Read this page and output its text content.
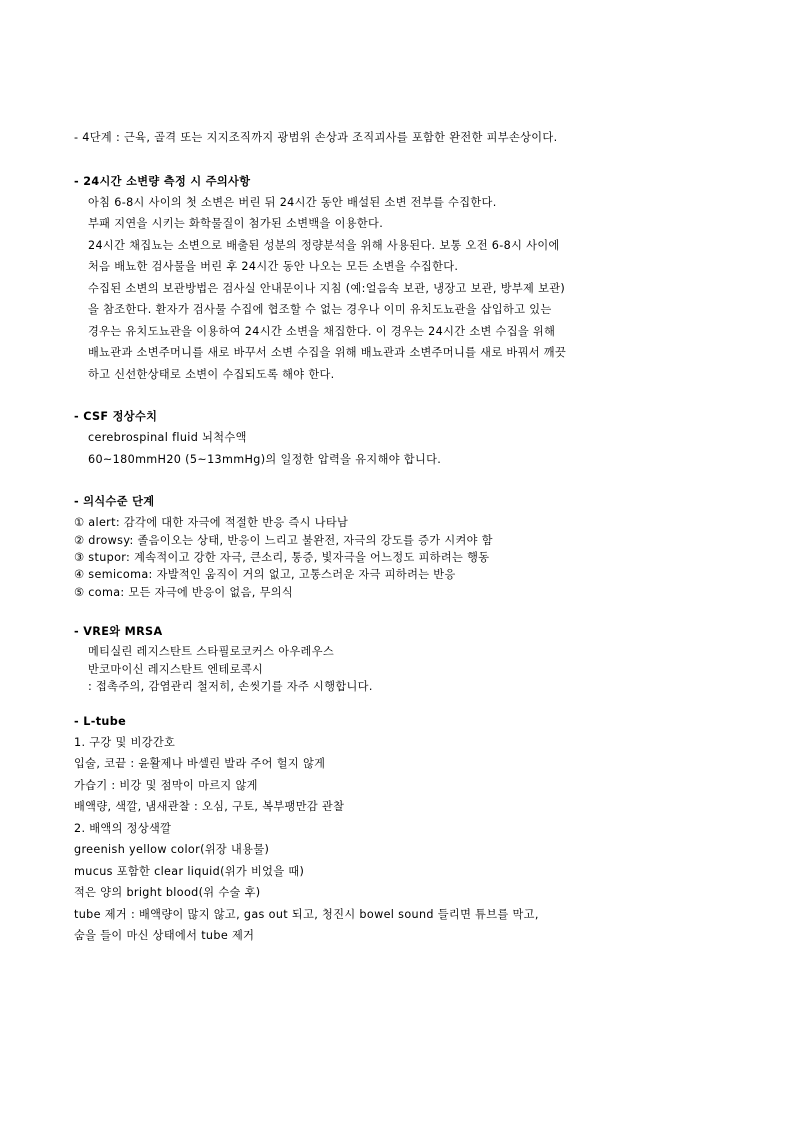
- 4단계 : 근육, 골격 또는 지지조직까지 광범위 손상과 조직괴사를 포함한 완전한 피부손상이다.
- 24시간 소변량 측정 시 주의사항
아침 6-8시 사이의 첫 소변은 버린 뒤 24시간 동안 배설된 소변 전부를 수집한다.
부패 지연을 시키는 화학물질이 첨가된 소변백을 이용한다.
24시간 채집뇨는 소변으로 배출된 성분의 정량분석을 위해 사용된다. 보통 오전 6-8시 사이에
처음 배뇨한 검사물을 버린 후 24시간 동안 나오는 모든 소변을 수집한다.
수집된 소변의 보관방법은 검사실 안내문이나 지침 (예:얼음속 보관, 냉장고 보관, 방부제 보관)
을 참조한다. 환자가 검사물 수집에 협조할 수 없는 경우나 이미 유치도뇨관을 삽입하고 있는
경우는 유치도뇨관을 이용하여 24시간 소변을 채집한다. 이 경우는 24시간 소변 수집을 위해
배뇨관과 소변주머니를 새로 바꾸서 소변 수집을 위해 배뇨관과 소변주머니를 새로 바꿔서 깨끗
하고 신선한상태로 소변이 수집되도록 해야 한다.
- CSF 정상수치
cerebrospinal fluid 뇌척수액
60~180mmH20 (5~13mmHg)의 일정한 압력을 유지해야 합니다.
- 의식수준 단계
① alert: 감각에 대한 자극에 적절한 반응 즉시 나타남
② drowsy: 졸음이오는 상태, 반응이 느리고 불완전, 자극의 강도를 증가 시켜야 함
③ stupor: 계속적이고 강한 자극, 큰소리, 통증, 빛자극을 어느정도 피하려는 행동
④ semicoma: 자발적인 움직이 거의 없고, 고통스러운 자극 피하려는 반응
⑤ coma: 모든 자극에 반응이 없음, 무의식
- VRE와 MRSA
메티실린 레지스탄트 스타필로코커스 아우레우스
반코마이신 레지스탄트 엔테로콕시
: 접촉주의, 감염관리 철저히, 손씻기를 자주 시행합니다.
- L-tube
1. 구강 및 비강간호
입술, 코끝 : 윤활제나 바셀린 발라 주어 헐지 않게
가습기 : 비강 및 점막이 마르지 않게
배액량, 색깔, 냄새관찰 : 오심, 구토, 복부팽만감 관찰
2. 배액의 정상색깔
greenish yellow color(위장 내용물)
mucus 포함한 clear liquid(위가 비었을 때)
적은 양의 bright blood(위 수술 후)
tube 제거 : 배액량이 많지 않고, gas out 되고, 청진시 bowel sound 들리면 튜브를 막고,
숨을 들이 마신 상태에서 tube 제거
